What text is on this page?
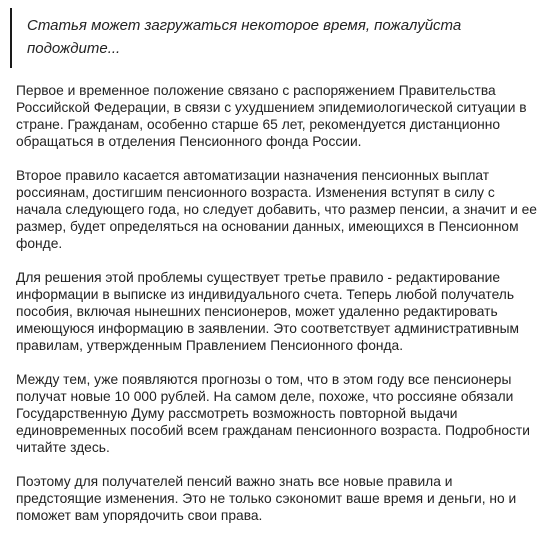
Статья может загружаться некоторое время, пожалуйста подождите...

Первое и временное положение связано с распоряжением Правительства Российской Федерации, в связи с ухудшением эпидемиологической ситуации в стране. Гражданам, особенно старше 65 лет, рекомендуется дистанционно обращаться в отделения Пенсионного фонда России.

Второе правило касается автоматизации назначения пенсионных выплат россиянам, достигшим пенсионного возраста. Изменения вступят в силу с начала следующего года, но следует добавить, что размер пенсии, а значит и ее размер, будет определяться на основании данных, имеющихся в Пенсионном фонде.

Для решения этой проблемы существует третье правило - редактирование информации в выписке из индивидуального счета. Теперь любой получатель пособия, включая нынешних пенсионеров, может удаленно редактировать имеющуюся информацию в заявлении. Это соответствует административным правилам, утвержденным Правлением Пенсионного фонда.

Между тем, уже появляются прогнозы о том, что в этом году все пенсионеры получат новые 10 000 рублей. На самом деле, похоже, что россияне обязали Государственную Думу рассмотреть возможность повторной выдачи единовременных пособий всем гражданам пенсионного возраста. Подробности читайте здесь.

Поэтому для получателей пенсий важно знать все новые правила и предстоящие изменения. Это не только сэкономит ваше время и деньги, но и поможет вам упорядочить свои права.
